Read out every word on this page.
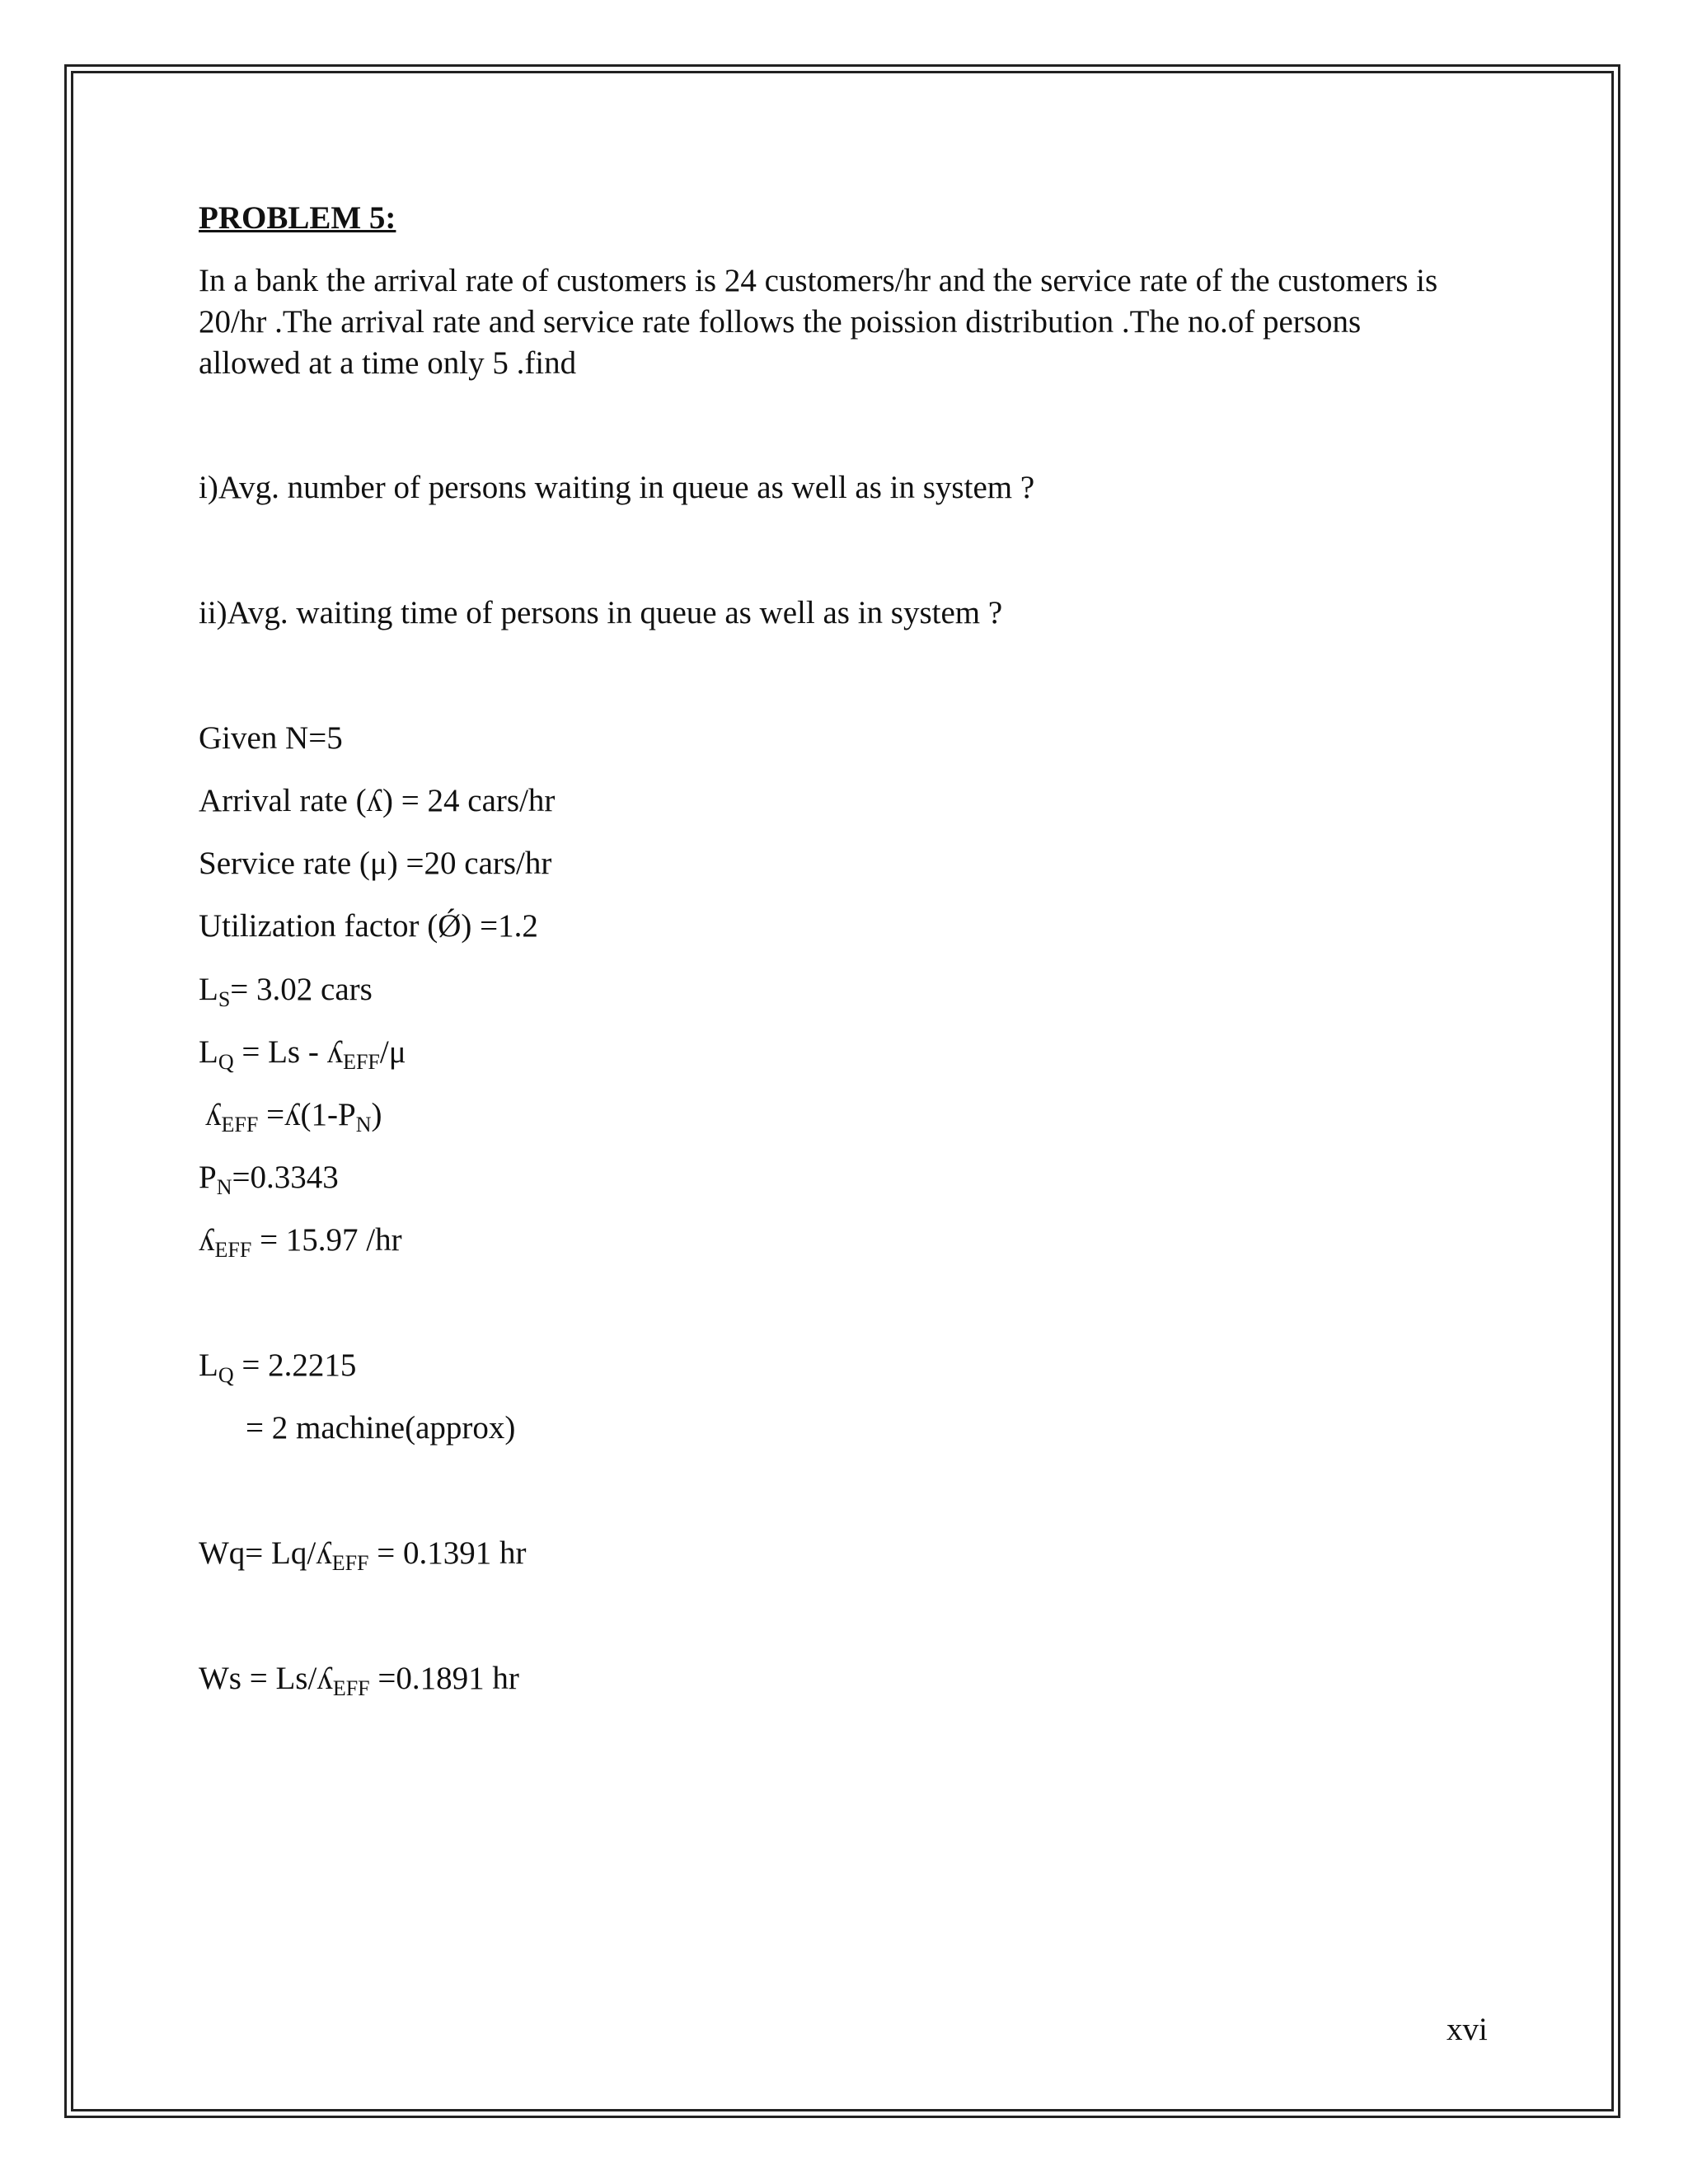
PROBLEM 5:
In a bank the arrival rate of customers is 24 customers/hr and the service rate of the customers is
20/hr .The arrival rate and service rate follows the poission distribution .The no.of persons
allowed at a time only 5 .find
i)Avg. number of persons waiting in queue as well as in system ?
ii)Avg. waiting time of persons in queue as well as in system ?
Given N=5
Arrival rate (ʎ) = 24 cars/hr
Service rate (μ) =20 cars/hr
Utilization factor (Ǿ) =1.2
$L_S= 3.02$ cars
$L_Q = Ls$ - ʎ$_{EFF}$/μ
ʎ$_{EFF}$ $=ʎ(1-P_N)$
$P_N=0.3343$
ʎ$_{EFF}$ = 15.97 /hr
$L_Q = 2.2215$
= 2 machine(approx)
Wq= Lq/ʎ$_{EFF}$ = 0.1391 hr
Ws = Ls/ʎ$_{EFF}$ =0.1891 hr
xvi
